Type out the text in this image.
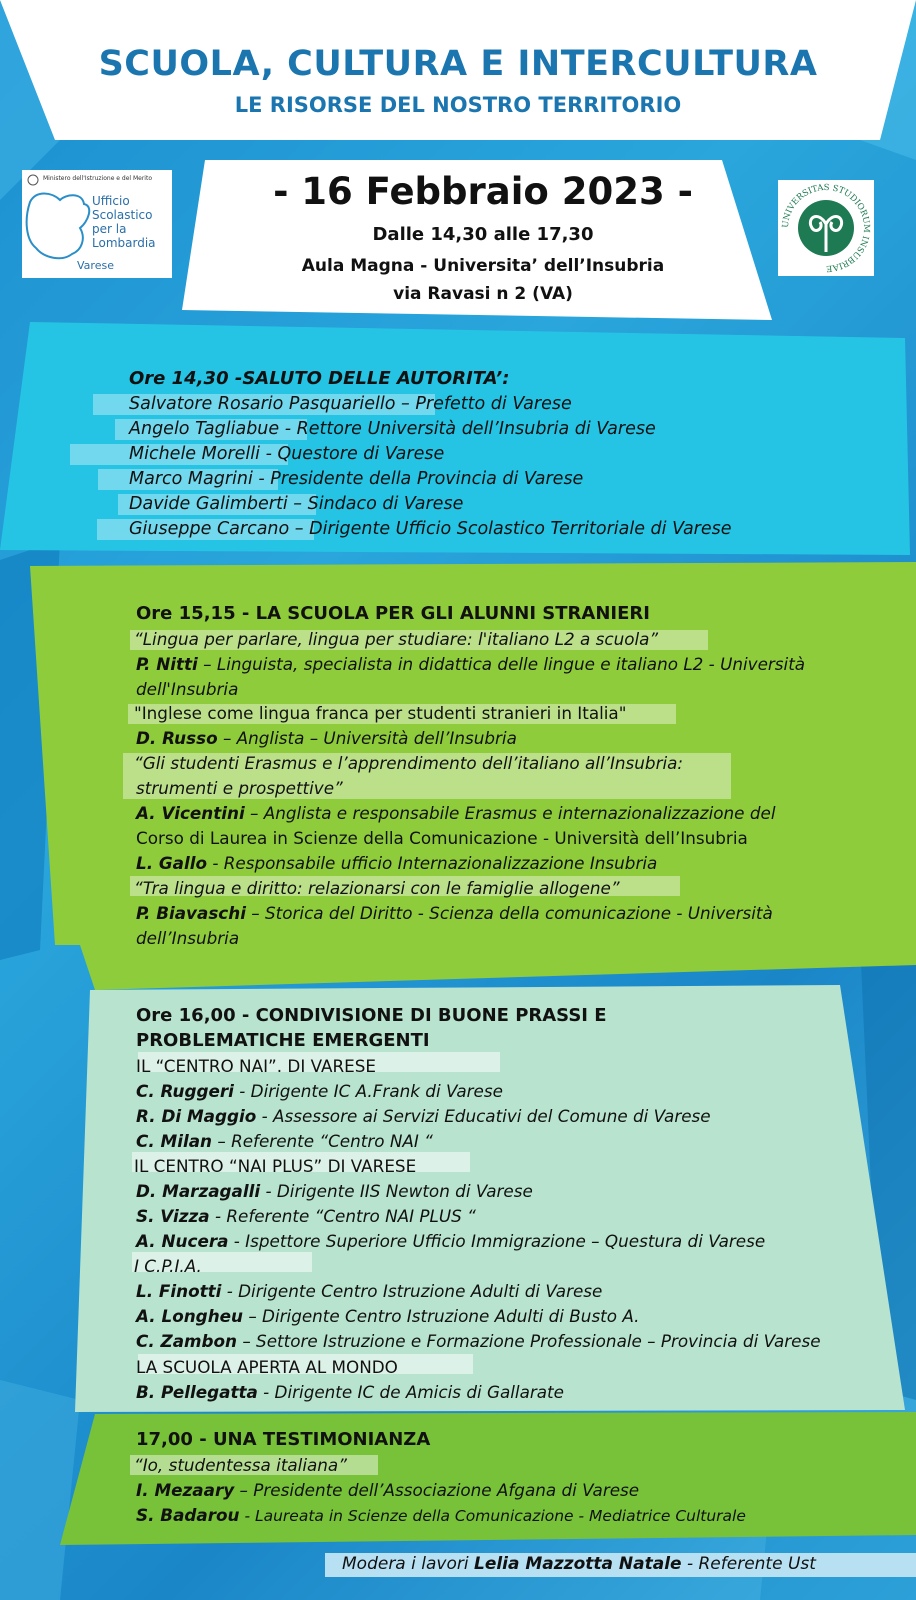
SCUOLA, CULTURA E INTERCULTURA
LE RISORSE DEL NOSTRO TERRITORIO
- 16 Febbraio 2023 -
Dalle 14,30 alle 17,30
Aula Magna - Universita’ dell’Insubria
via Ravasi n 2 (VA)
Ministero dell'Istruzione e del Merito
Ufficio
Scolastico
per la
Lombardia
Varese
UNIVERSITAS STUDIORUM INSUBRIAE
Ore 14,30 -SALUTO DELLE AUTORITA’:
Salvatore Rosario Pasquariello – Prefetto di Varese
Angelo Tagliabue - Rettore Università dell’Insubria di Varese
Michele Morelli - Questore di Varese
Marco Magrini - Presidente della Provincia di Varese
Davide Galimberti – Sindaco di Varese
Giuseppe Carcano – Dirigente Ufficio Scolastico Territoriale di Varese
Ore 15,15 - LA SCUOLA PER GLI ALUNNI STRANIERI
“Lingua per parlare, lingua per studiare: l'italiano L2 a scuola”
P. Nitti – Linguista, specialista in didattica delle lingue e italiano L2 - Università
dell'Insubria
"Inglese come lingua franca per studenti stranieri in Italia"
D. Russo – Anglista – Università dell’Insubria
“Gli studenti Erasmus e l’apprendimento dell’italiano all’Insubria:
strumenti e prospettive”
A. Vicentini – Anglista e responsabile Erasmus e internazionalizzazione del
Corso di Laurea in Scienze della Comunicazione - Università dell’Insubria
L. Gallo - Responsabile ufficio Internazionalizzazione Insubria
“Tra lingua e diritto: relazionarsi con le famiglie allogene”
P. Biavaschi – Storica del Diritto - Scienza della comunicazione - Università
dell’Insubria
Ore 16,00 - CONDIVISIONE DI BUONE PRASSI E
PROBLEMATICHE EMERGENTI
IL “CENTRO NAI”. DI VARESE
C. Ruggeri - Dirigente IC A.Frank di Varese
R. Di Maggio - Assessore ai Servizi Educativi del Comune di Varese
C. Milan – Referente “Centro NAI “
IL CENTRO “NAI PLUS” DI VARESE
D. Marzagalli - Dirigente IIS Newton di Varese
S. Vizza - Referente “Centro NAI PLUS “
A. Nucera - Ispettore Superiore Ufficio Immigrazione – Questura di Varese
I C.P.I.A.
L. Finotti - Dirigente Centro Istruzione Adulti di Varese
A. Longheu – Dirigente Centro Istruzione Adulti di Busto A.
C. Zambon – Settore Istruzione e Formazione Professionale – Provincia di Varese
LA SCUOLA APERTA AL MONDO
B. Pellegatta - Dirigente IC de Amicis di Gallarate
17,00 - UNA TESTIMONIANZA
“Io, studentessa italiana”
I. Mezaary – Presidente dell’Associazione Afgana di Varese
S. Badarou - Laureata in Scienze della Comunicazione - Mediatrice Culturale
Modera i lavori Lelia Mazzotta Natale - Referente Ust
